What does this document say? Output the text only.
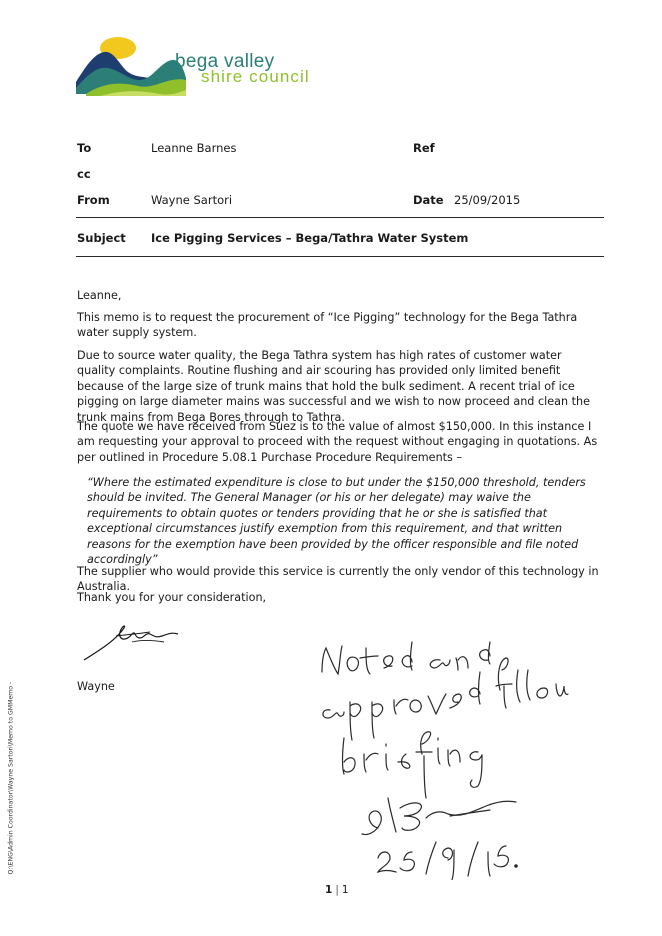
bega valley
shire council
To	Leanne Barnes	Ref
cc
From	Wayne Sartori	Date 25/09/2015
Subject Ice Pigging Services – Bega/Tathra Water System

Leanne,

This memo is to request the procurement of “Ice Pigging” technology for the Bega Tathra water supply system.

Due to source water quality, the Bega Tathra system has high rates of customer water quality complaints. Routine flushing and air scouring has provided only limited benefit because of the large size of trunk mains that hold the bulk sediment. A recent trial of ice pigging on large diameter mains was successful and we wish to now proceed and clean the trunk mains from Bega Bores through to Tathra.

The quote we have received from Suez is to the value of almost $150,000. In this instance I am requesting your approval to proceed with the request without engaging in quotations. As per outlined in Procedure 5.08.1 Purchase Procedure Requirements –

“Where the estimated expenditure is close to but under the $150,000 threshold, tenders should be invited. The General Manager (or his or her delegate) may waive the requirements to obtain quotes or tenders providing that he or she is satisfied that exceptional circumstances justify exemption from this requirement, and that written reasons for the exemption have been provided by the officer responsible and file noted accordingly”

The supplier who would provide this service is currently the only vendor of this technology in Australia.

Thank you for your consideration,

Wayne
1 | 1
Q:\ENG\Admin Coordinator\Wayne Sartori\Memo to GMMemo -
